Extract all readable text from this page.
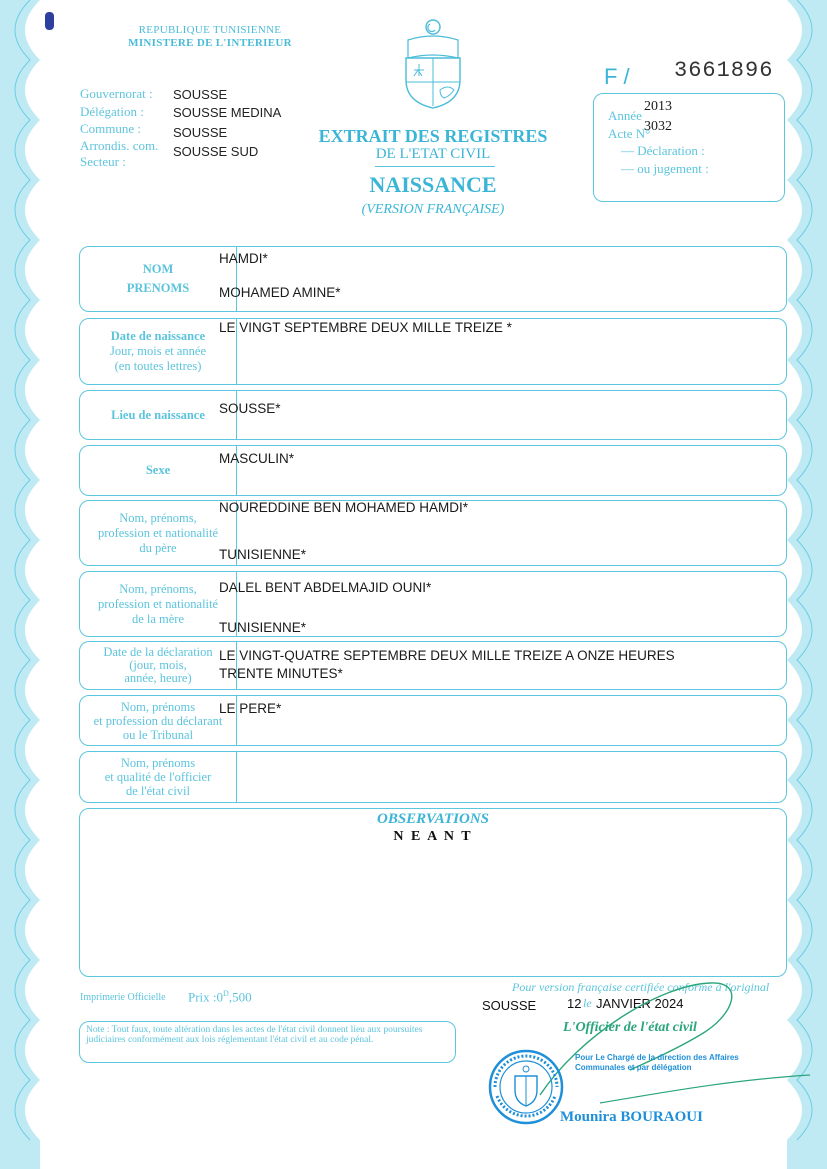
REPUBLIQUE TUNISIENNE
MINISTERE DE L'INTERIEUR
Gouvernorat : SOUSSE
Délégation : SOUSSE MEDINA
Commune : SOUSSE
Arrondis. com. SOUSSE SUD
Secteur :
EXTRAIT DES REGISTRES
DE L'ETAT CIVIL
NAISSANCE
(VERSION FRANÇAISE)
F / 3661896
Année
2013
Acte N°
3032
— Déclaration :
— ou jugement :
NOM
PRENOMS
HAMDI*
MOHAMED AMINE*
Date de naissance
Jour, mois et année
(en toutes lettres)
LE VINGT SEPTEMBRE DEUX MILLE TREIZE *
Lieu de naissance SOUSSE*
Sexe
MASCULIN*
Nom, prénoms,
profession et nationalité
du père
NOUREDDINE BEN MOHAMED HAMDI*
TUNISIENNE*
Nom, prénoms,
profession et nationalité
de la mère
DALEL BENT ABDELMAJID OUNI*
TUNISIENNE*
Date de la déclaration
(jour, mois,
année, heure)
LE VINGT-QUATRE SEPTEMBRE DEUX MILLE TREIZE A ONZE HEURES
TRENTE MINUTES*
Nom, prénoms
et profession du déclarant
ou le Tribunal
LE PERE*
Nom, prénoms
et qualité de l'officier
de l'état civil
OBSERVATIONS
N E A N T
Imprimerie Officielle Prix $:0^D,500$
Pour version française certifiée conforme à l'original
SOUSSE 12 le JANVIER 2024
L'Officier de l'état civil
Note : Tout faux, toute altération dans les actes de l'état civil donnent lieu aux poursuites judiciaires conformément aux lois réglementant l'état civil et au code pénal.
Pour Le Chargé de la direction des Affaires
Communales et par délégation
Mounira BOURAOUI
